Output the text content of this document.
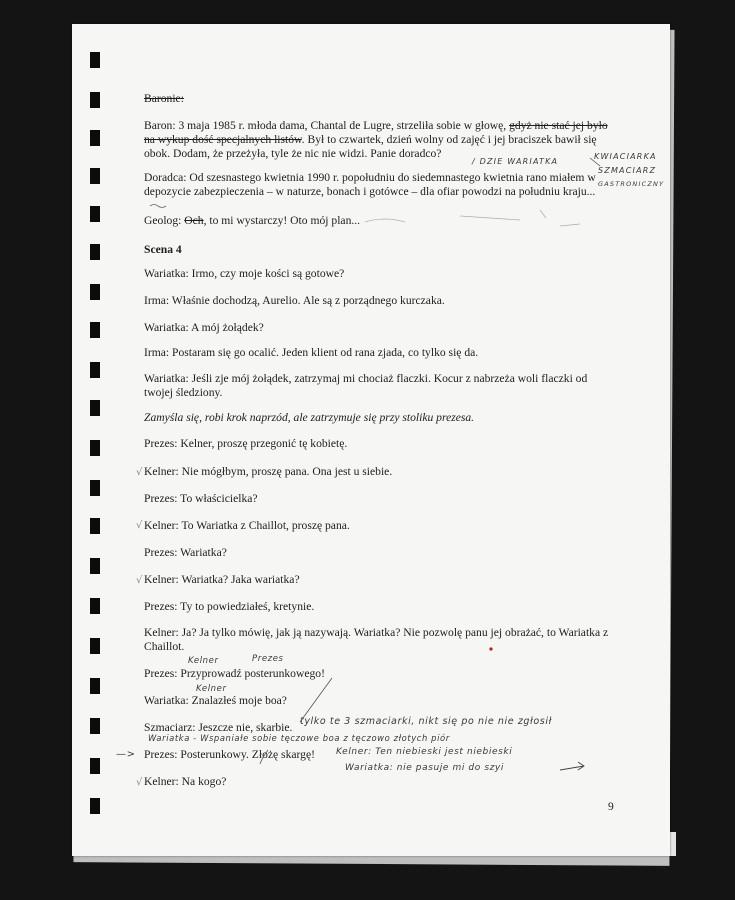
Baronie:
Baron: 3 maja 1985 r. młoda dama, Chantal de Lugre, strzeliła sobie w głowę, gdyż nie stać jej było
na wykup dość specjalnych listów. Był to czwartek, dzień wolny od zajęć i jej braciszek bawił się
obok. Dodam, że przeżyła, tyle że nic nie widzi. Panie doradco?
Doradca: Od szesnastego kwietnia 1990 r. popołudniu do siedemnastego kwietnia rano miałem w
depozycie zabezpieczenia – w naturze, bonach i gotówce – dla ofiar powodzi na południu kraju...
Geolog: Och, to mi wystarczy! Oto mój plan...
Scena 4
Wariatka: Irmo, czy moje kości są gotowe?
Irma: Właśnie dochodzą, Aurelio. Ale są z porządnego kurczaka.
Wariatka: A mój żołądek?
Irma: Postaram się go ocalić. Jeden klient od rana zjada, co tylko się da.
Wariatka: Jeśli zje mój żołądek, zatrzymaj mi chociaż flaczki. Kocur z nabrzeża woli flaczki od
twojej śledziony.
Zamyśla się, robi krok naprzód, ale zatrzymuje się przy stoliku prezesa.
Prezes: Kelner, proszę przegonić tę kobietę.
Kelner: Nie mógłbym, proszę pana. Ona jest u siebie.
Prezes: To właścicielka?
Kelner: To Wariatka z Chaillot, proszę pana.
Prezes: Wariatka?
Kelner: Wariatka? Jaka wariatka?
Prezes: Ty to powiedziałeś, kretynie.
Kelner: Ja? Ja tylko mówię, jak ją nazywają. Wariatka? Nie pozwolę panu jej obrażać, to Wariatka z
Chaillot.
Prezes: Przyprowadź posterunkowego!
Wariatka: Znalazłeś moje boa?
Szmaciarz: Jeszcze nie, skarbie.
Prezes: Posterunkowy. Złożę skargę!
Kelner: Na kogo?
√
√
√
√
/ DZIE WARIATKA
KWIACIARKA
SZMACIARZ
GASTRONICZNY
Kelner	Prezes
Kelner
tylko te 3 szmaciarki, nikt się po nie nie zgłosił
Wariatka - Wspaniałe sobie tęczowe boa z tęczowo złotych piór
Kelner: Ten niebieski jest niebieski
Wariatka: nie pasuje mi do szyi
—>
9
